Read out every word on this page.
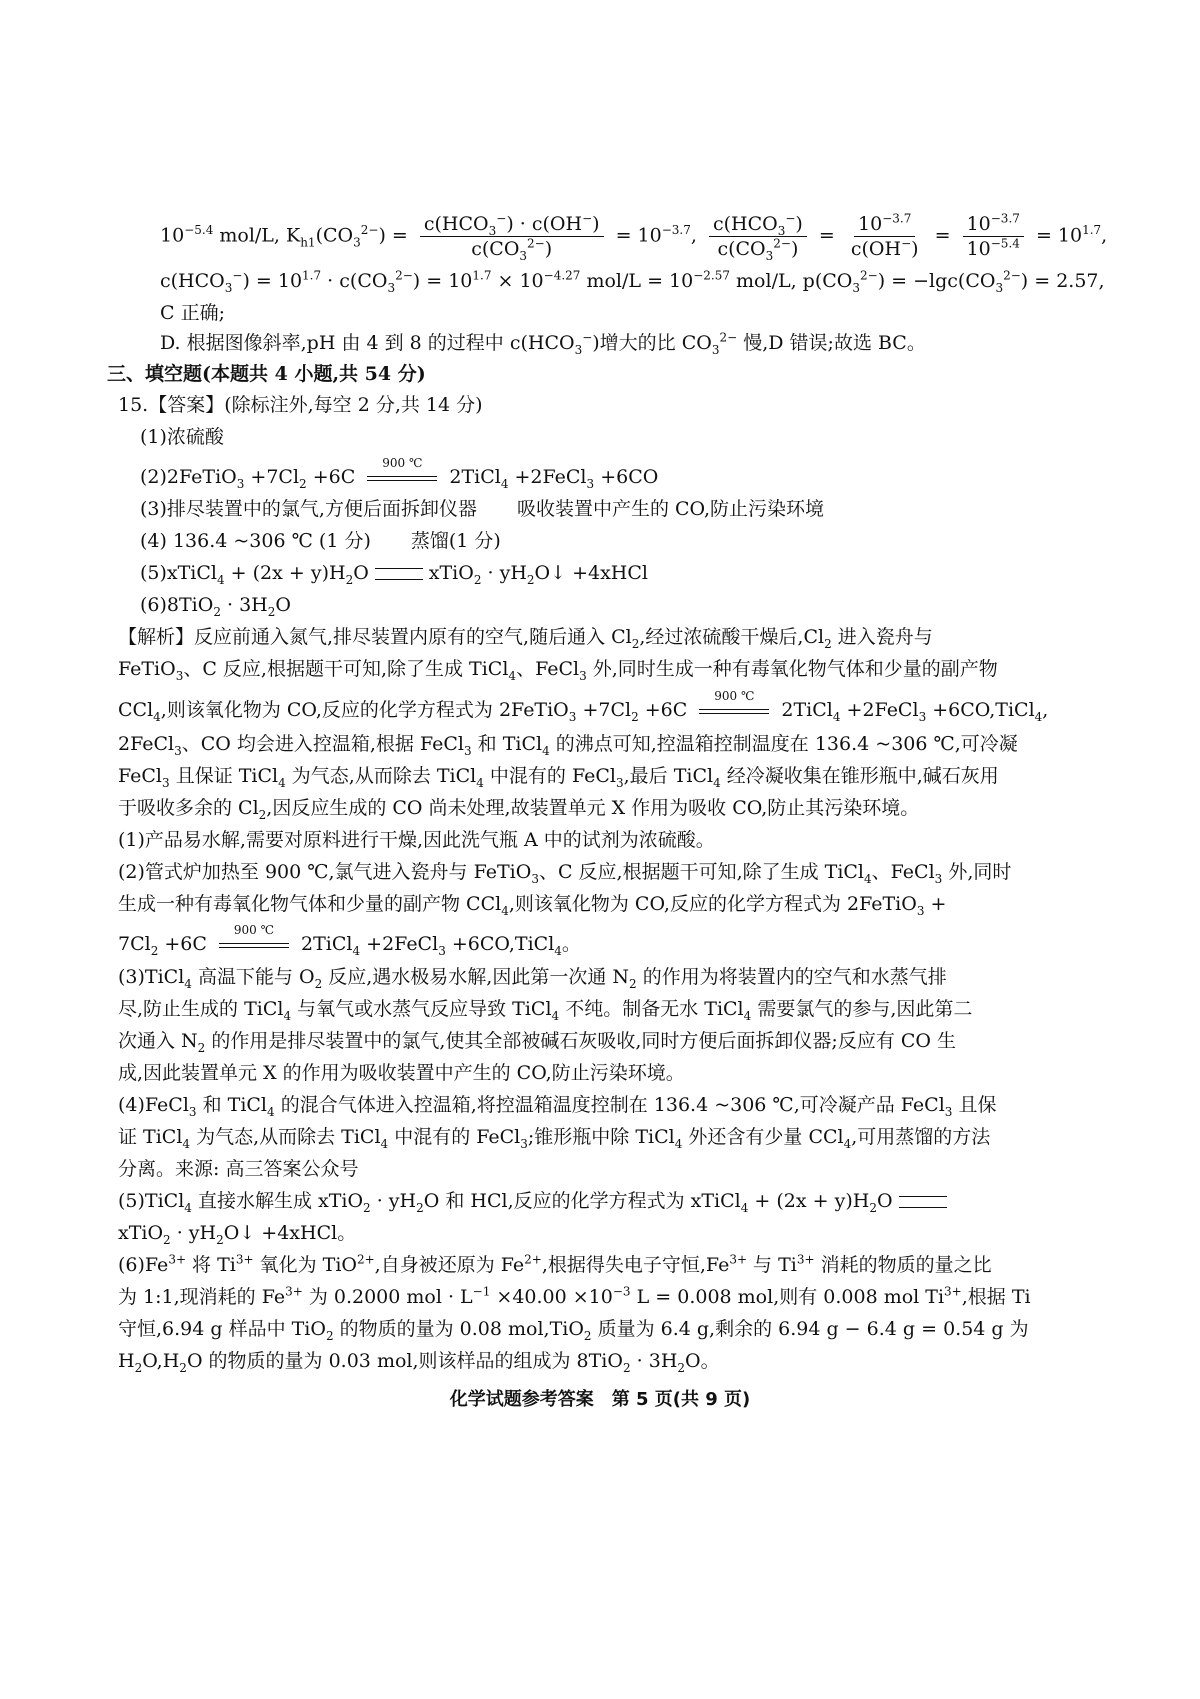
$10^{-5.4}$ mol/L, $K_{h1}(CO_3^{2-}) = \frac{c(HCO_3^-) \cdot c(OH^-)}{c(CO_3^{2-})} = 10^{-3.7}$, $\frac{c(HCO_3^-)}{c(CO_3^{2-})} = \frac{10^{-3.7}}{c(OH^-)} = \frac{10^{-3.7}}{10^{-5.4}} = 10^{1.7}$,
$c(HCO_3^-) = 10^{1.7} \cdot c(CO_3^{2-}) = 10^{1.7} \times 10^{-4.27}$ $mol/L = 10^{-2.57}$ mol/L, $p(CO_3^{2-}) = -\lg c(CO_3^{2-}) = 2.57$,
C 正确;
D. 根据图像斜率,pH 由 4 到 8 的过程中 $c(HCO_3^-)$增大的比 $CO_3^{2-}$ 慢,D 错误;故选 BC。
三、填空题(本题共 4 小题,共 54 分)
15.【答案】(除标注外,每空 2 分,共 14 分)
(1)浓硫酸
(2)2FeTiO$_3$ $+7Cl_2 +6C$
900 ℃
2TiCl$_4$ +2FeCl$_3$ +6CO
(3)排尽装置中的氯气,方便后面拆卸仪器 吸收装置中产生的 CO,防止污染环境
(4) 136.4 ~306 ℃ (1 分) 蒸馏(1 分)
(5)xTiCl$_4$ + $(2x + y)H_2O$	xTiO$_2$ · $yH_2O↓$ +4xHCl
$(6)8TiO_2 \cdot 3H_2O$
【解析】反应前通入氮气,排尽装置内原有的空气,随后通入 $Cl_2$,经过浓硫酸干燥后$,Cl_2$ 进入瓷舟与
FeTiO$_3$、C 反应,根据题干可知,除了生成 TiCl$_4$、FeCl$_3$ 外,同时生成一种有毒氧化物气体和少量的副产物
CCl$_4$,则该氧化物为 CO,反应的化学方程式为 2FeTiO$_3$ $+7Cl_2 +6C$
900 ℃
2TiCl$_4$ +2FeCl$_3$ +6CO,TiCl$_4$,
2FeCl$_3$、CO 均会进入控温箱,根据 FeCl$_3$ 和 TiCl$_4$ 的沸点可知,控温箱控制温度在 136.4 ~306 ℃,可冷凝
FeCl$_3$ 且保证 TiCl$_4$ 为气态,从而除去 TiCl$_4$ 中混有的 FeCl$_3$,最后 TiCl$_4$ 经冷凝收集在锥形瓶中,碱石灰用
于吸收多余的 $Cl_2$,因反应生成的 CO 尚未处理,故装置单元 X 作用为吸收 CO,防止其污染环境。
(1)产品易水解,需要对原料进行干燥,因此洗气瓶 A 中的试剂为浓硫酸。
(2)管式炉加热至 900 ℃,氯气进入瓷舟与 FeTiO$_3$、C 反应,根据题干可知,除了生成 TiCl$_4$、FeCl$_3$ 外,同时
生成一种有毒氧化物气体和少量的副产物 CCl$_4$,则该氧化物为 CO,反应的化学方程式为 2FeTiO$_3$ +
$7Cl_2 +6C$
900 ℃
2TiCl$_4$ +2FeCl$_3$ +6CO,TiCl$_4$。
(3)TiCl$_4$ 高温下能与 $O_2$ 反应,遇水极易水解,因此第一次通 $N_2$ 的作用为将装置内的空气和水蒸气排
尽,防止生成的 TiCl$_4$ 与氧气或水蒸气反应导致 TiCl$_4$ 不纯。制备无水 TiCl$_4$ 需要氯气的参与,因此第二
次通入 $N_2$ 的作用是排尽装置中的氯气,使其全部被碱石灰吸收,同时方便后面拆卸仪器;反应有 CO 生
成,因此装置单元 X 的作用为吸收装置中产生的 CO,防止污染环境。
(4)FeCl$_3$ 和 TiCl$_4$ 的混合气体进入控温箱,将控温箱温度控制在 136.4 ~306 ℃,可冷凝产品 FeCl$_3$ 且保
证 TiCl$_4$ 为气态,从而除去 TiCl$_4$ 中混有的 FeCl$_3$;锥形瓶中除 TiCl$_4$ 外还含有少量 CCl$_4$,可用蒸馏的方法
分离。来源: 高三答案公众号
(5)TiCl$_4$ 直接水解生成 xTiO$_2$ · $yH_2O$ 和 HCl,反应的化学方程式为 xTiCl$_4$ + $(2x + y)H_2O$
xTiO$_2$ · $yH_2O↓$ +4xHCl。
$(6)Fe^{3+}$ 将 $Ti^{3+}$ 氧化为 TiO$^{2+}$,自身被还原为 $Fe^{2+}$,根据得失电子守恒$,Fe^{3+}$ 与 $Ti^{3+}$ 消耗的物质的量之比
为 1:1,现消耗的 $Fe^{3+}$ 为 0.2000 mol · $L^{-1} \times 40.00 \times 10^{-3}$ L = 0.008 mol,则有 0.008 mol $Ti^{3+}$,根据 Ti
守恒,6.94 g 样品中 TiO$_2$ 的物质的量为 0.08 mol,TiO$_2$ 质量为 6.4 g,剩余的 6.94 g − 6.4 g = 0.54 g 为
$H_2O,H_2O$ 的物质的量为 0.03 mol,则该样品的组成为 $8TiO_2 \cdot 3H_2O$。
化学试题参考答案　第 5 页(共 9 页)
